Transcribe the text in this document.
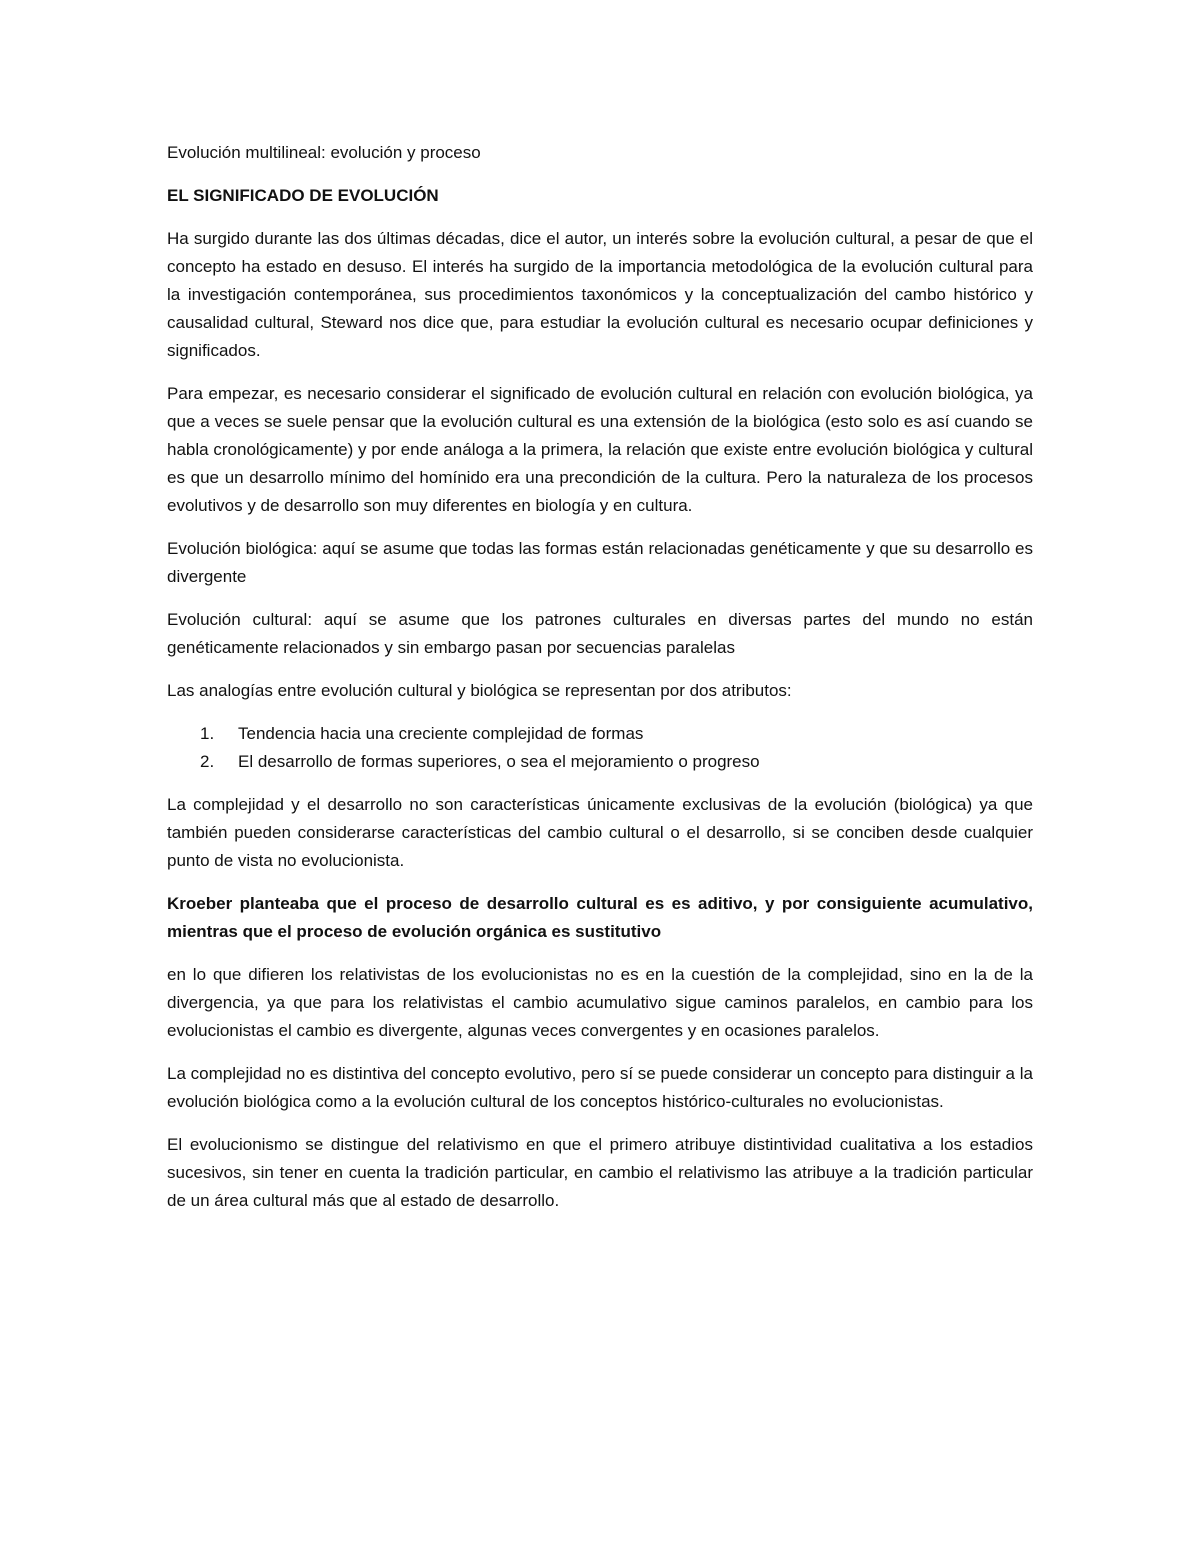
Evolución multilineal: evolución y proceso

EL SIGNIFICADO DE EVOLUCIÓN

Ha surgido durante las dos últimas décadas, dice el autor, un interés sobre la evolución cultural, a pesar de que el concepto ha estado en desuso. El interés ha surgido de la importancia metodológica de la evolución cultural para la investigación contemporánea, sus procedimientos taxonómicos y la conceptualización del cambo histórico y causalidad cultural, Steward nos dice que, para estudiar la evolución cultural es necesario ocupar definiciones y significados.

Para empezar, es necesario considerar el significado de evolución cultural en relación con evolución biológica, ya que a veces se suele pensar que la evolución cultural es una extensión de la biológica (esto solo es así cuando se habla cronológicamente) y por ende análoga a la primera, la relación que existe entre evolución biológica y cultural es que un desarrollo mínimo del homínido era una precondición de la cultura. Pero la naturaleza de los procesos evolutivos y de desarrollo son muy diferentes en biología y en cultura.

Evolución biológica: aquí se asume que todas las formas están relacionadas genéticamente y que su desarrollo es divergente

Evolución cultural: aquí se asume que los patrones culturales en diversas partes del mundo no están genéticamente relacionados y sin embargo pasan por secuencias paralelas

Las analogías entre evolución cultural y biológica se representan por dos atributos:

1. Tendencia hacia una creciente complejidad de formas
2. El desarrollo de formas superiores, o sea el mejoramiento o progreso

La complejidad y el desarrollo no son características únicamente exclusivas de la evolución (biológica) ya que también pueden considerarse características del cambio cultural o el desarrollo, si se conciben desde cualquier punto de vista no evolucionista.

Kroeber planteaba que el proceso de desarrollo cultural es es aditivo, y por consiguiente acumulativo, mientras que el proceso de evolución orgánica es sustitutivo

en lo que difieren los relativistas de los evolucionistas no es en la cuestión de la complejidad, sino en la de la divergencia, ya que para los relativistas el cambio acumulativo sigue caminos paralelos, en cambio para los evolucionistas el cambio es divergente, algunas veces convergentes y en ocasiones paralelos.

La complejidad no es distintiva del concepto evolutivo, pero sí se puede considerar un concepto para distinguir a la evolución biológica como a la evolución cultural de los conceptos histórico-culturales no evolucionistas.

El evolucionismo se distingue del relativismo en que el primero atribuye distintividad cualitativa a los estadios sucesivos, sin tener en cuenta la tradición particular, en cambio el relativismo las atribuye a la tradición particular de un área cultural más que al estado de desarrollo.
